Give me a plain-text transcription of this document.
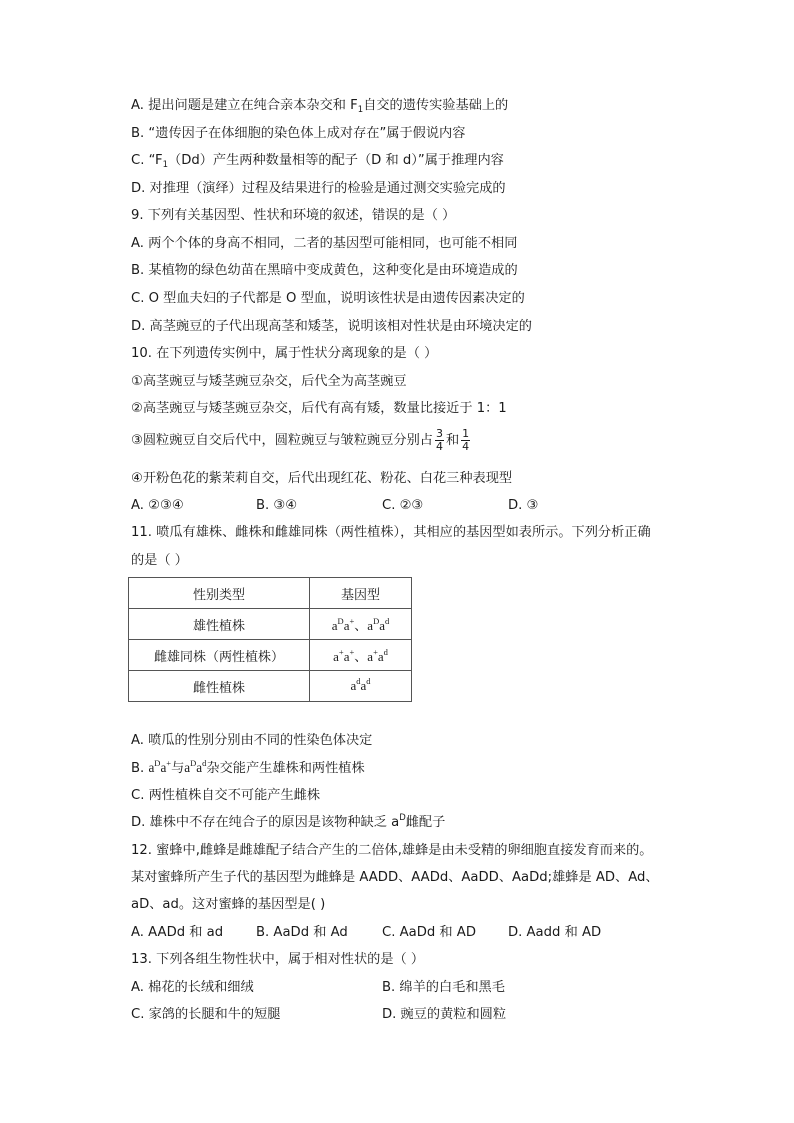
A. 提出问题是建立在纯合亲本杂交和 $F_1$自交的遗传实验基础上的
B. “遗传因子在体细胞的染色体上成对存在”属于假说内容
C. “$F_1(Dd)$产生两种数量相等的配子（D 和 d）”属于推理内容
D. 对推理（演绎）过程及结果进行的检验是通过测交实验完成的
9. 下列有关基因型、性状和环境的叙述，错误的是（ ）
A. 两个个体的身高不相同，二者的基因型可能相同，也可能不相同
B. 某植物的绿色幼苗在黑暗中变成黄色，这种变化是由环境造成的
C. O 型血夫妇的子代都是 O 型血，说明该性状是由遗传因素决定的
D. 高茎豌豆的子代出现高茎和矮茎，说明该相对性状是由环境决定的
10. 在下列遗传实例中，属于性状分离现象的是（ ）
①高茎豌豆与矮茎豌豆杂交，后代全为高茎豌豆
②高茎豌豆与矮茎豌豆杂交，后代有高有矮，数量比接近于 1：1
③圆粒豌豆自交后代中，圆粒豌豆与皱粒豌豆分别占 $\frac{3}{4}$ 和 $\frac{1}{4}$
④开粉色花的紫茉莉自交，后代出现红花、粉花、白花三种表现型
A. ②③④	B. ③④	C. ②③	D. ③
11. 喷瓜有雄株、雌株和雌雄同株（两性植株），其相应的基因型如表所示。下列分析正确
的是（ ）
性别类型	基因型
雄性植株	$a^Da^+$、$a^Da^d$
雌雄同株（两性植株）	a+a+、$a^+a^d$
雌性植株	$a^da^d$
A. 喷瓜的性别分别由不同的性染色体决定
B. $a^Da^+$与$a^Da^d$杂交能产生雄株和两性植株
C. 两性植株自交不可能产生雌株
D. 雄株中不存在纯合子的原因是该物种缺乏 $a^D$雌配子
12. 蜜蜂中,雌蜂是雌雄配子结合产生的二倍体,雄蜂是由未受精的卵细胞直接发育而来的。
某对蜜蜂所产生子代的基因型为雌蜂是 AADD、AADd、AaDD、AaDd;雄蜂是 AD、Ad、
aD、ad。这对蜜蜂的基因型是( )
A. AADd 和 ad B. AaDd 和 Ad	C. AaDd 和 AD D. Aadd 和 AD
13. 下列各组生物性状中，属于相对性状的是（ ）
A. 棉花的长绒和细绒	B. 绵羊的白毛和黑毛
C. 家鸽的长腿和牛的短腿	D. 豌豆的黄粒和圆粒
